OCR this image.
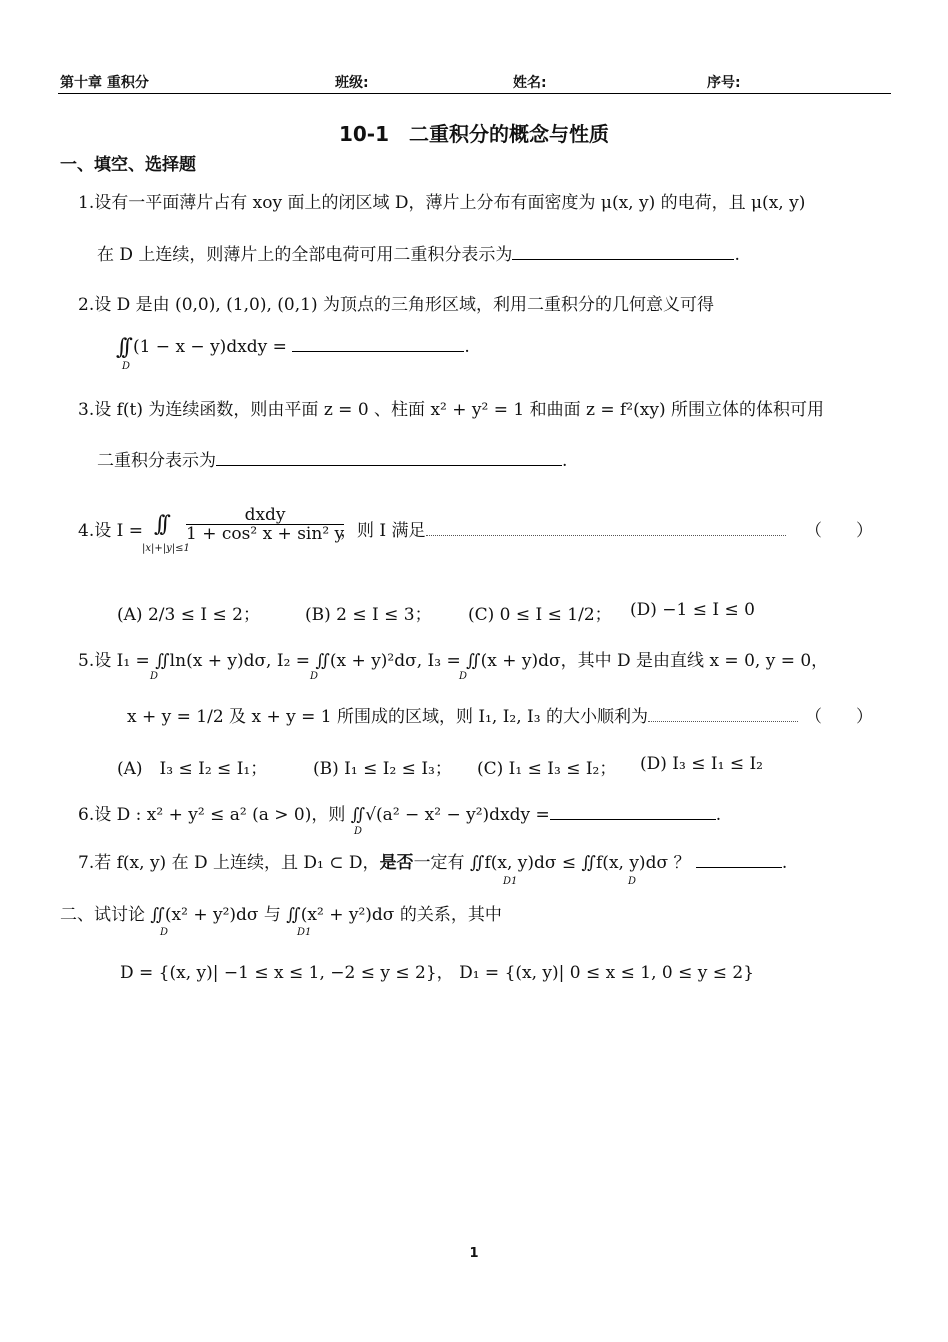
第十章 重积分	班级:	姓名:	序号:
10-1　二重积分的概念与性质
一、填空、选择题
1.设有一平面薄片占有 xoy 面上的闭区域 D，薄片上分布有面密度为 μ(x, y) 的电荷，且 μ(x, y)
在 D 上连续，则薄片上的全部电荷可用二重积分表示为	.
2.设 D 是由 (0,0), (1,0), (0,1) 为顶点的三角形区域，利用二重积分的几何意义可得
∫∫ (1 − x − y)dxdy =	.
D
3.设 f(t) 为连续函数，则由平面 z = 0 、柱面 x² + y² = 1 和曲面 z = f²(xy) 所围立体的体积可用
二重积分表示为	.
4.设 I = ∫∫
|x|+|y|≤1
$\frac{\text{dxdy}}{\text{1 + cos² x + sin² y}}$
，则 I 满足	（　　）
(A) 2/3 ≤ I ≤ 2；	(B) 2 ≤ I ≤ 3； (C) 0 ≤ I ≤ 1/2； (D) −1 ≤ I ≤ 0
5.设 I₁ = ∬ln(x + y)dσ, I₂ = ∬(x + y)²dσ, I₃ = ∬(x + y)dσ，其中 D 是由直线 x = 0, y = 0，
D	D	D
x + y = 1/2 及 x + y = 1 所围成的区域，则 I₁, I₂, I₃ 的大小顺利为	（　　）
(A)　I₃ ≤ I₂ ≤ I₁；	(B) I₁ ≤ I₂ ≤ I₃； (C) I₁ ≤ I₃ ≤ I₂； (D) I₃ ≤ I₁ ≤ I₂
6.设 D : x² + y² ≤ a² (a > 0)，则 ∬√(a² − x² − y²)dxdy =	.
D
7.若 f(x, y) 在 D 上连续，且 D₁ ⊂ D，是否一定有 ∬f(x, y)dσ ≤ ∬f(x, y)dσ ？	.
D1	D
二、试讨论 ∬(x² + y²)dσ 与 ∬(x² + y²)dσ 的关系，其中
D	D1
D = {(x, y)| −1 ≤ x ≤ 1, −2 ≤ y ≤ 2}， D₁ = {(x, y)| 0 ≤ x ≤ 1, 0 ≤ y ≤ 2}
1
